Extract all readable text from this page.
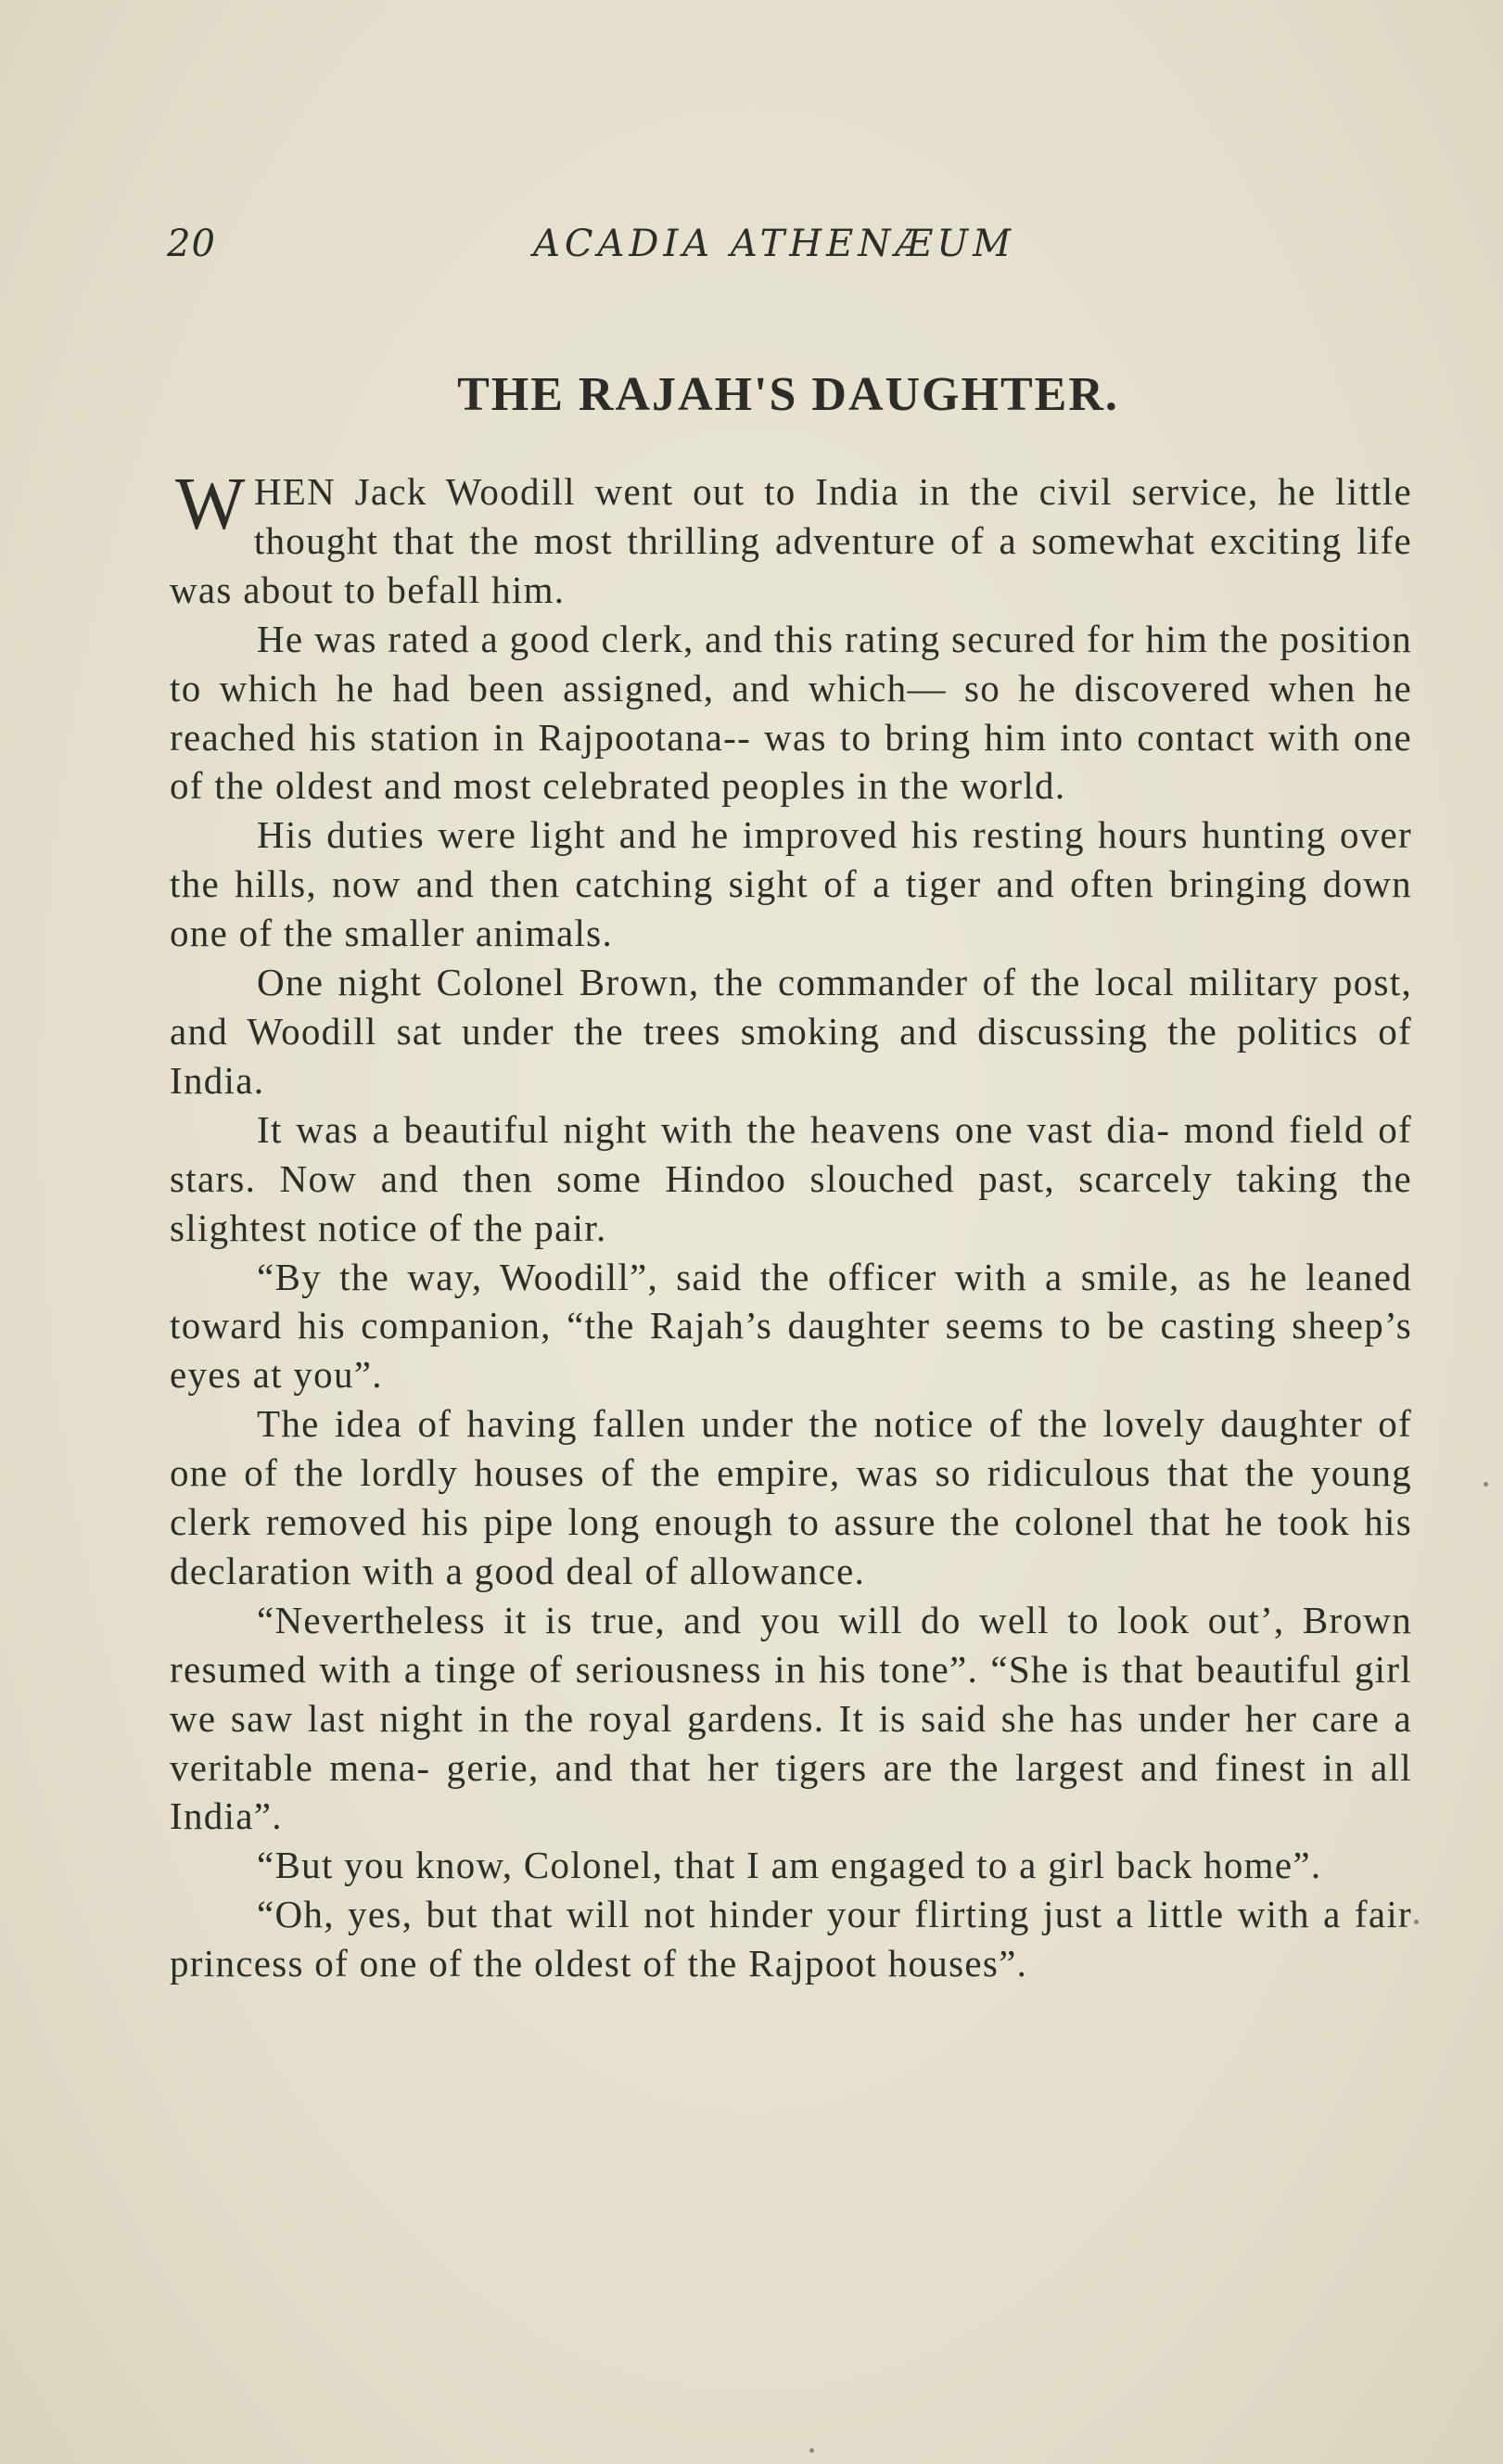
20	ACADIA ATHENÆUM
THE RAJAH'S DAUGHTER.

WHEN Jack Woodill went out to India in the civil service, he little thought that the most thrilling adventure of a somewhat exciting life was about to befall him.

He was rated a good clerk, and this rating secured for him the position to which he had been assigned, and which— so he discovered when he reached his station in Rajpootana-- was to bring him into contact with one of the oldest and most celebrated peoples in the world.

His duties were light and he improved his resting hours hunting over the hills, now and then catching sight of a tiger and often bringing down one of the smaller animals.

One night Colonel Brown, the commander of the local military post, and Woodill sat under the trees smoking and discussing the politics of India.

It was a beautiful night with the heavens one vast dia- mond field of stars. Now and then some Hindoo slouched past, scarcely taking the slightest notice of the pair.

“By the way, Woodill”, said the officer with a smile, as he leaned toward his companion, “the Rajah’s daughter seems to be casting sheep’s eyes at you”.

The idea of having fallen under the notice of the lovely daughter of one of the lordly houses of the empire, was so ridiculous that the young clerk removed his pipe long enough to assure the colonel that he took his declaration with a good deal of allowance.

“Nevertheless it is true, and you will do well to look out’, Brown resumed with a tinge of seriousness in his tone”. “She is that beautiful girl we saw last night in the royal gardens. It is said she has under her care a veritable mena- gerie, and that her tigers are the largest and finest in all India”.

“But you know, Colonel, that I am engaged to a girl back home”.

“Oh, yes, but that will not hinder your flirting just a little with a fair princess of one of the oldest of the Rajpoot houses”.
